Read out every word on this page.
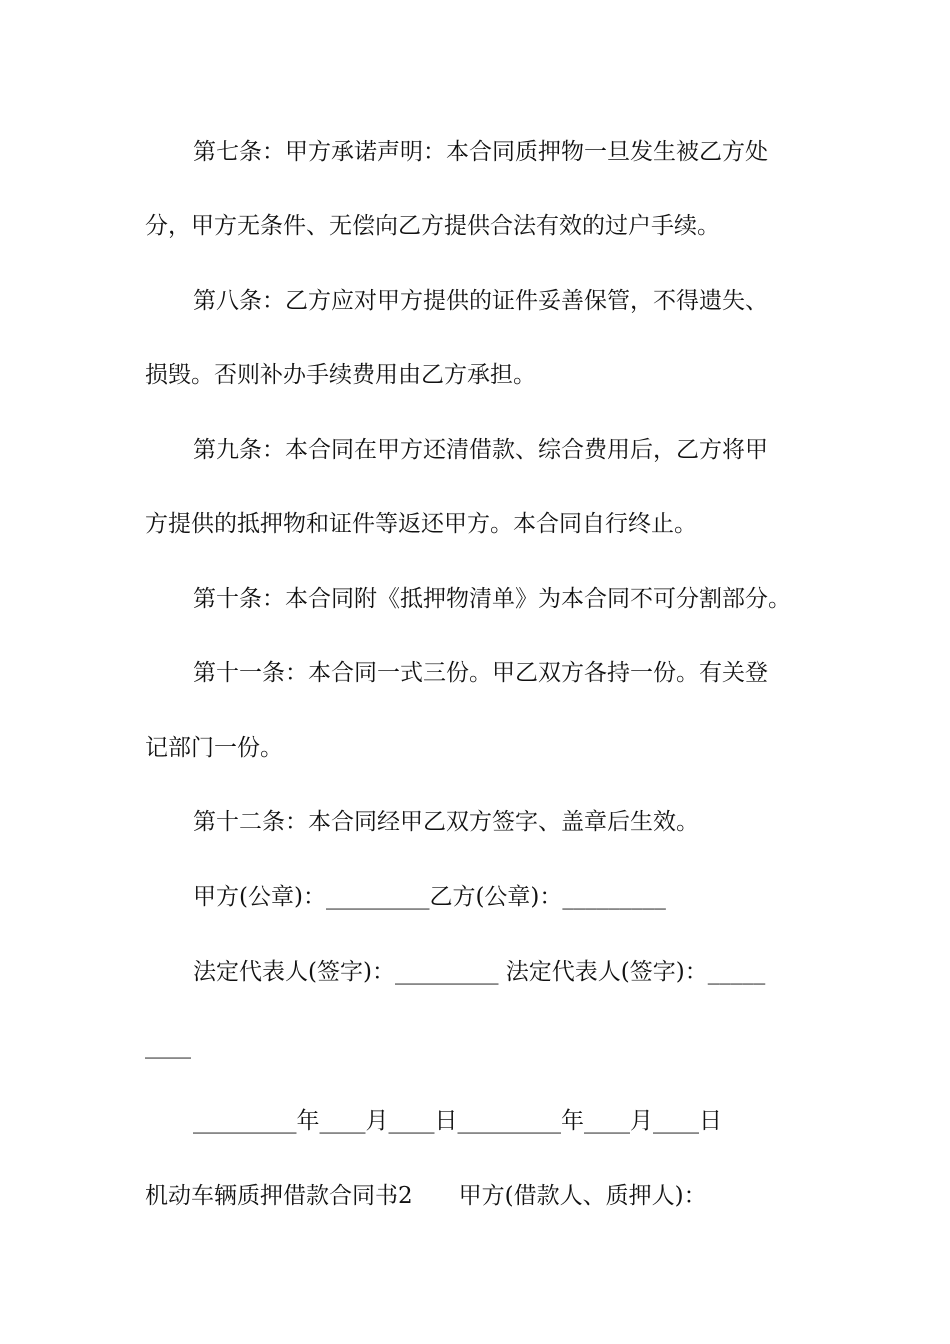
第七条：甲方承诺声明：本合同质押物一旦发生被乙方处
分，甲方无条件、无偿向乙方提供合法有效的过户手续。
第八条：乙方应对甲方提供的证件妥善保管，不得遗失、
损毁。否则补办手续费用由乙方承担。
第九条：本合同在甲方还清借款、综合费用后，乙方将甲
方提供的抵押物和证件等返还甲方。本合同自行终止。
第十条：本合同附《抵押物清单》为本合同不可分割部分。
第十一条：本合同一式三份。甲乙双方各持一份。有关登
记部门一份。
第十二条：本合同经甲乙双方签字、盖章后生效。
甲方(公章)：_________乙方(公章)：_________
法定代表人(签字)：_________ 法定代表人(签字)：_____
____
_________年____月____日_________年____月____日
机动车辆质押借款合同书2　　甲方(借款人、质押人)：
